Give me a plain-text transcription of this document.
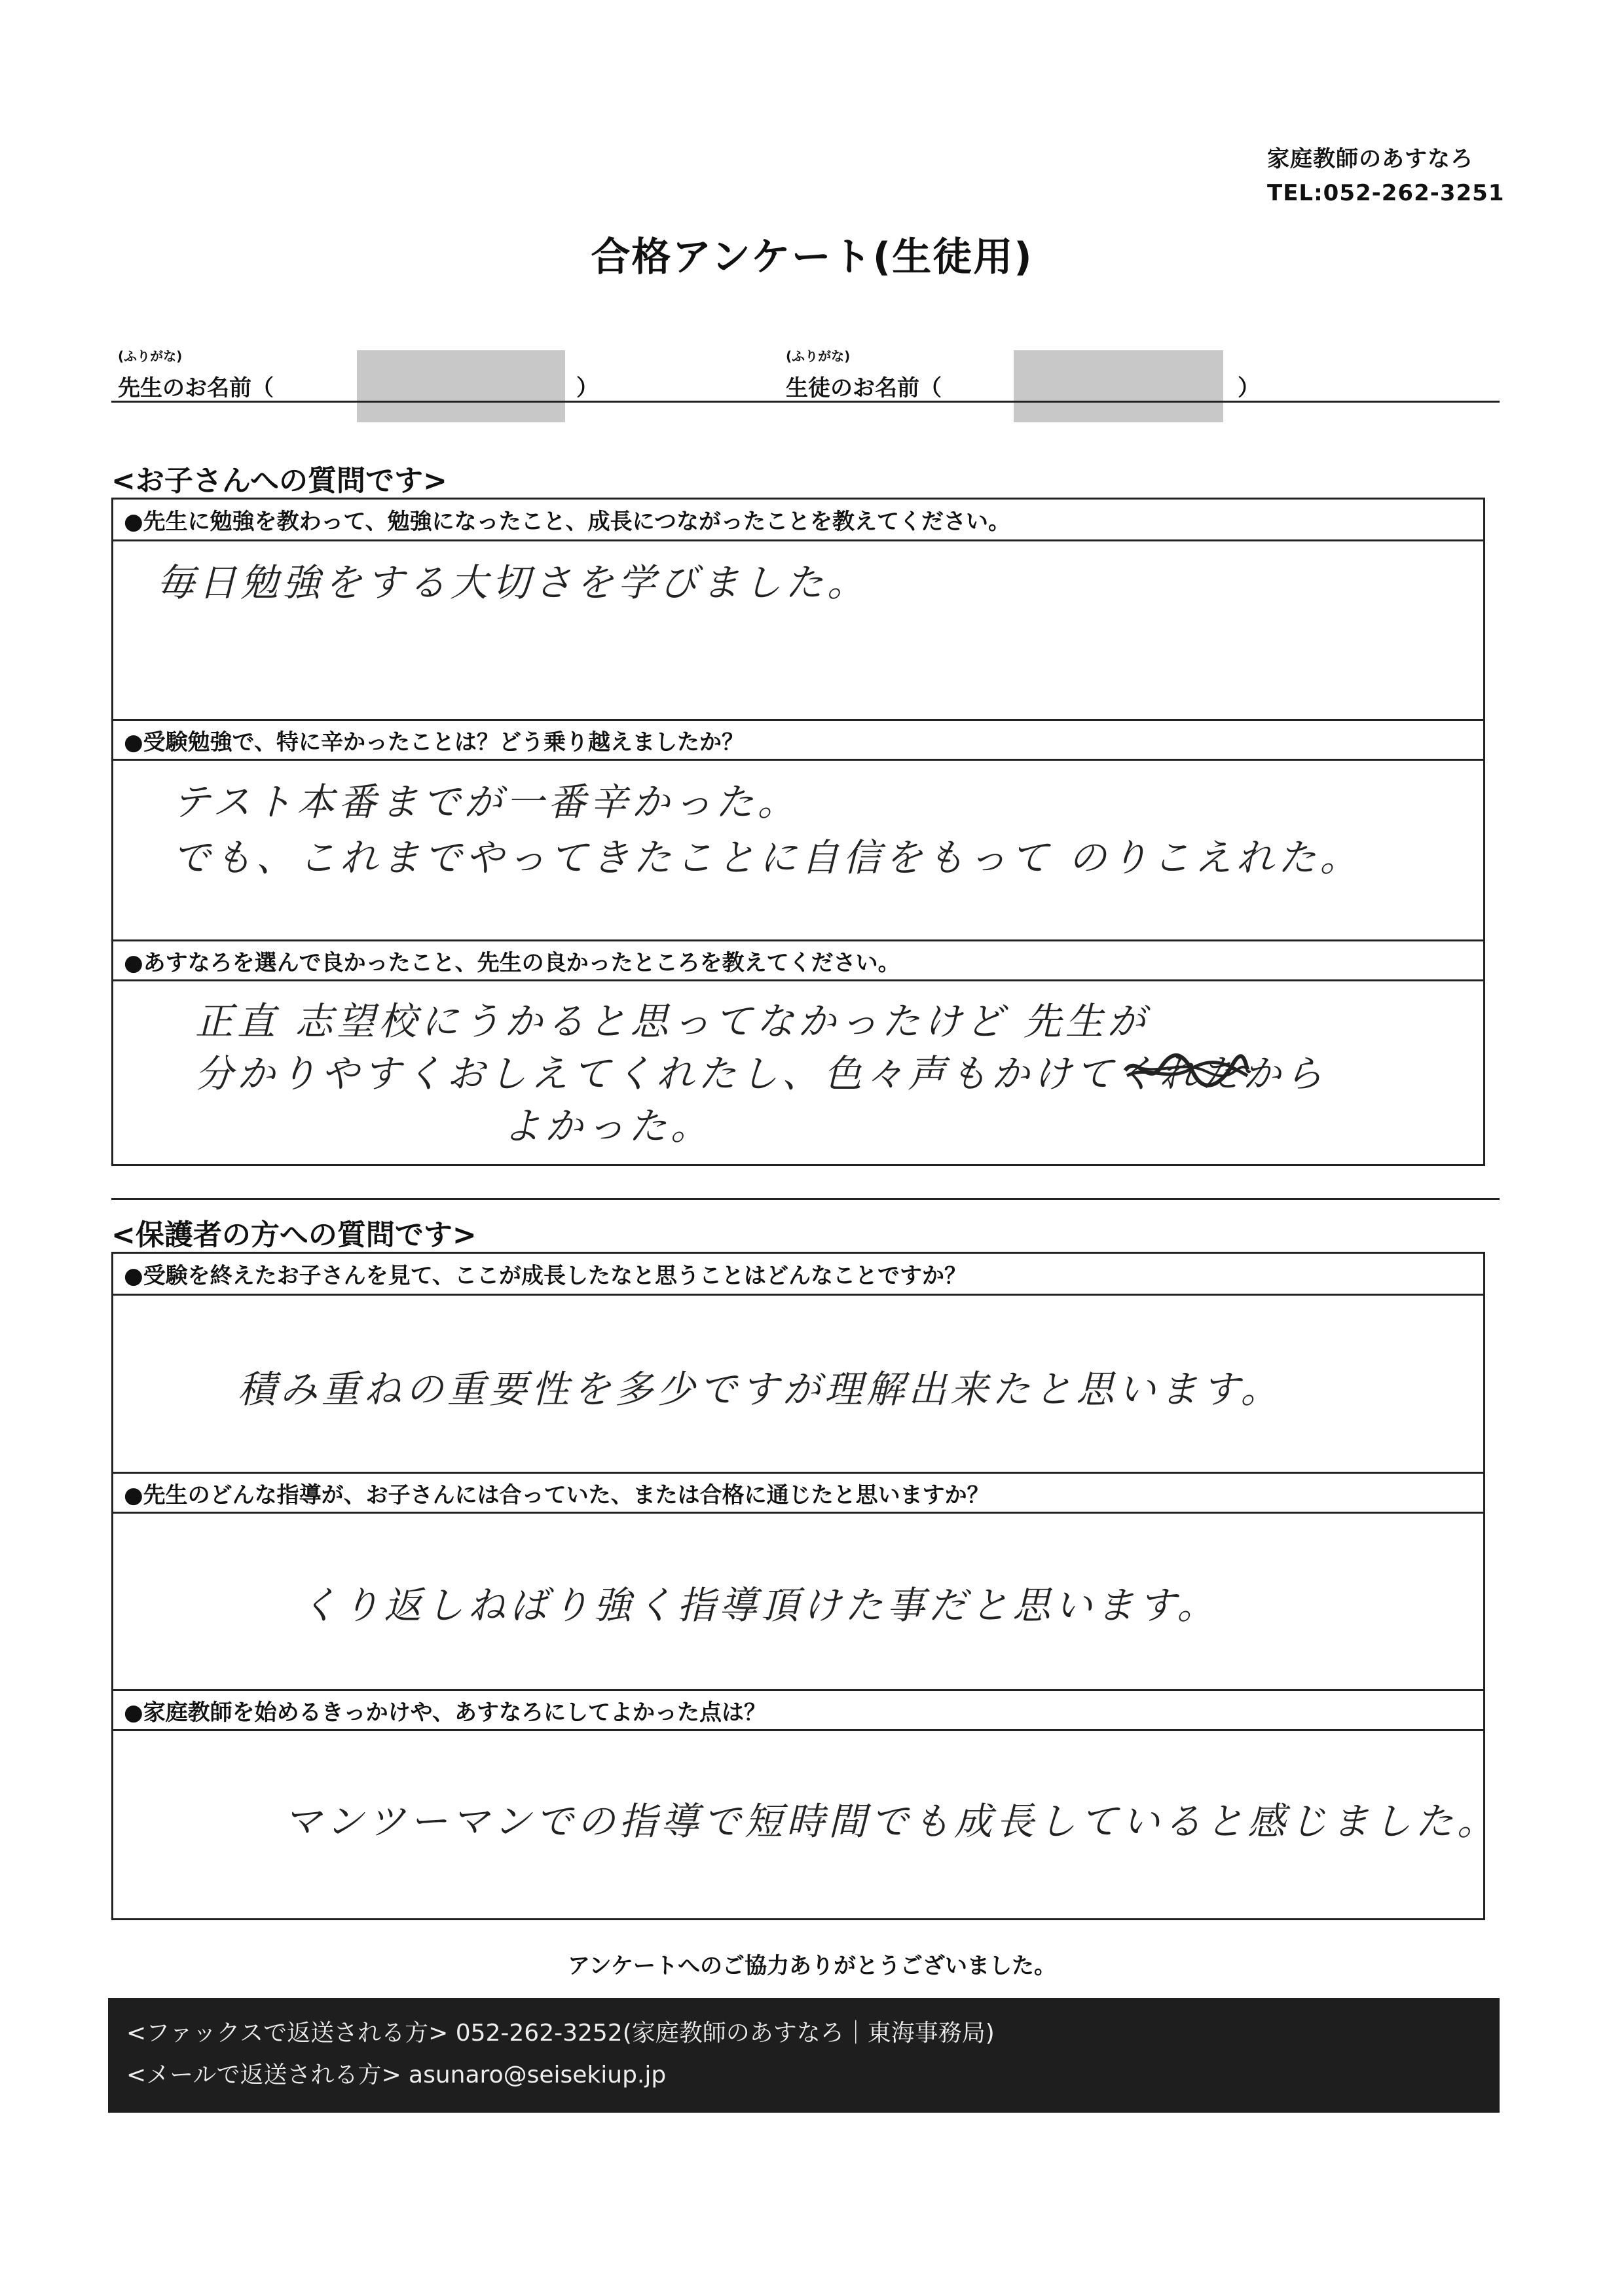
家庭教師のあすなろ
TEL:052-262-3251
合格アンケート(生徒用)
(ふりがな)
先生のお名前（	）
(ふりがな)
生徒のお名前（	）
<お子さんへの質問です>
●先生に勉強を教わって、勉強になったこと、成長につながったことを教えてください。
毎日勉強をする大切さを学びました。
●受験勉強で、特に辛かったことは？どう乗り越えましたか？
テスト本番までが一番辛かった。
でも、これまでやってきたことに自信をもって のりこえれた。
●あすなろを選んで良かったこと、先生の良かったところを教えてください。
正直 志望校にうかると思ってなかったけど 先生が
分かりやすくおしえてくれたし、色々声もかけてくれたから
よかった。
<保護者の方への質問です>
●受験を終えたお子さんを見て、ここが成長したなと思うことはどんなことですか？
積み重ねの重要性を多少ですが理解出来たと思います。
●先生のどんな指導が、お子さんには合っていた、または合格に通じたと思いますか？
くり返しねばり強く指導頂けた事だと思います。
●家庭教師を始めるきっかけや、あすなろにしてよかった点は？
マンツーマンでの指導で短時間でも成長していると感じました。
アンケートへのご協力ありがとうございました。
<ファックスで返送される方> 052-262-3252(家庭教師のあすなろ｜東海事務局)
<メールで返送される方> asunaro@seisekiup.jp
